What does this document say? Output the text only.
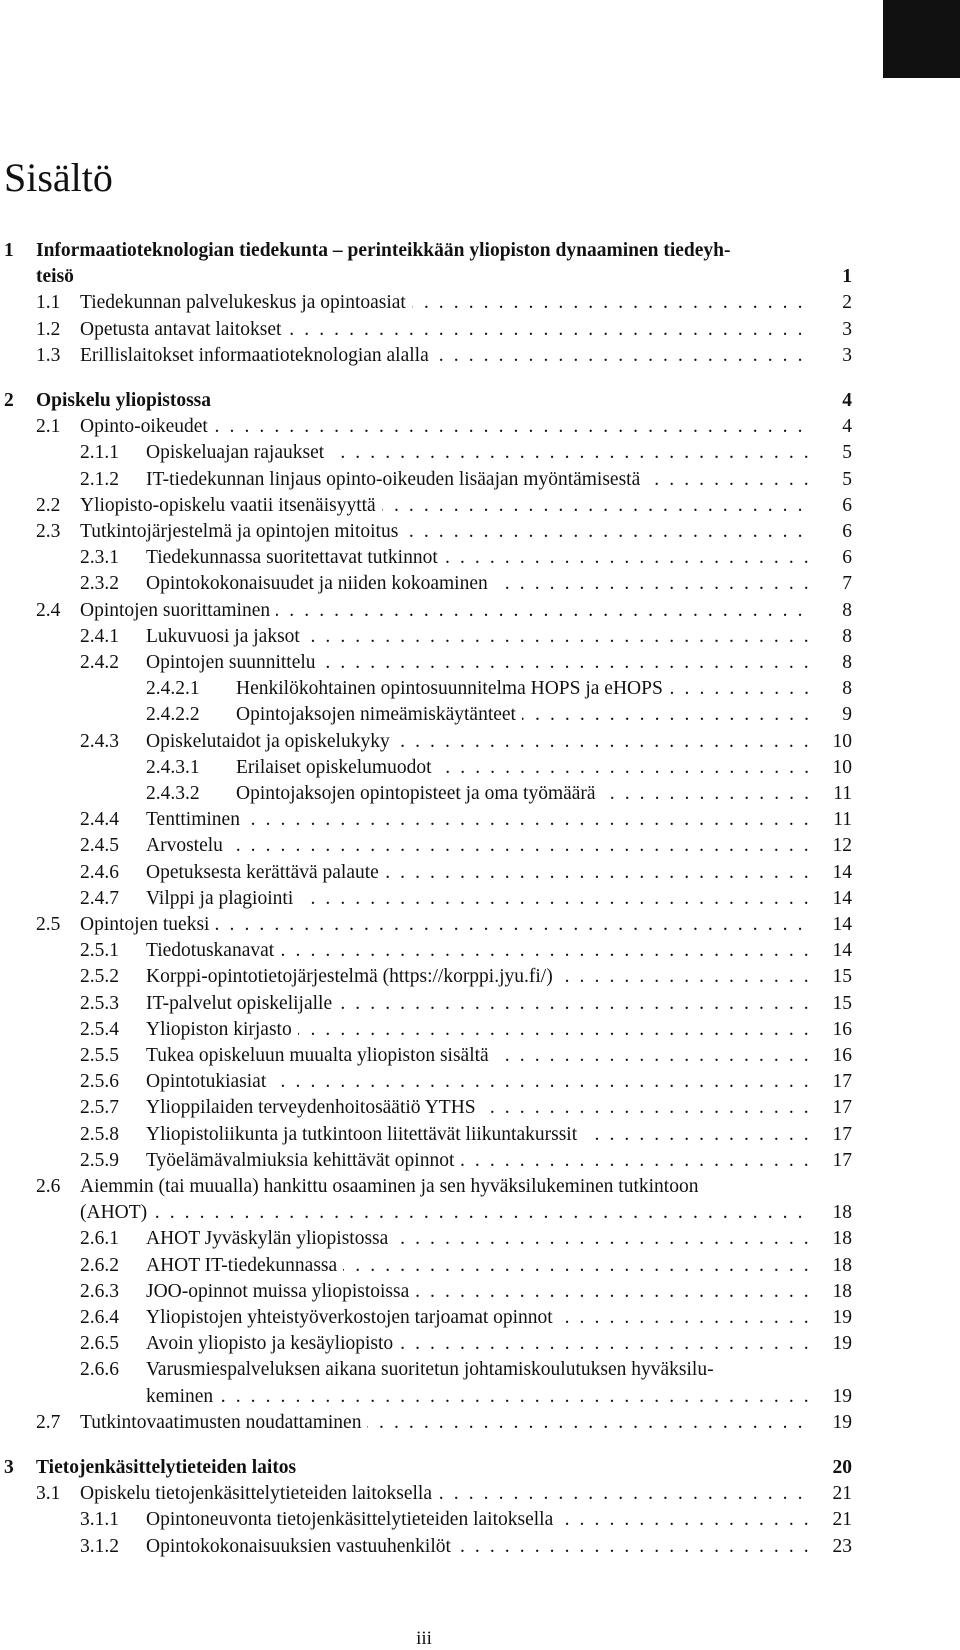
Sisältö
1 Informaatioteknologian tiedekunta – perinteikkään yliopiston dynaaminen tiedeyh-
teisö	1
1.1 Tiedekunnan palvelukeskus ja opintoasiat . . .	2
1.2 Opetusta antavat laitokset . . .	3
1.3 Erillislaitokset informaatioteknologian alalla . . .	3
2 Opiskelu yliopistossa	4
2.1 Opinto-oikeudet . . .	4
2.1.1 Opiskeluajan rajaukset . . .	5
2.1.2 IT-tiedekunnan linjaus opinto-oikeuden lisäajan myöntämisestä . . .	5
2.2 Yliopisto-opiskelu vaatii itsenäisyyttä . . .	6
2.3 Tutkintojärjestelmä ja opintojen mitoitus . . .	6
2.3.1 Tiedekunnassa suoritettavat tutkinnot . . .	6
2.3.2 Opintokokonaisuudet ja niiden kokoaminen . . .	7
2.4 Opintojen suorittaminen . . .	8
2.4.1 Lukuvuosi ja jaksot . . .	8
2.4.2 Opintojen suunnittelu . . .	8
2.4.2.1 Henkilökohtainen opintosuunnitelma HOPS ja eHOPS . . .	8
2.4.2.2 Opintojaksojen nimeämiskäytänteet . . .	9
2.4.3 Opiskelutaidot ja opiskelukyky . . .	10
2.4.3.1 Erilaiset opiskelumuodot . . .	10
2.4.3.2 Opintojaksojen opintopisteet ja oma työmäärä . . .	11
2.4.4 Tenttiminen . . .	11
2.4.5 Arvostelu . . .	12
2.4.6 Opetuksesta kerättävä palaute . . .	14
2.4.7 Vilppi ja plagiointi . . .	14
2.5 Opintojen tueksi . . .	14
2.5.1 Tiedotuskanavat . . .	14
2.5.2 Korppi-opintotietojärjestelmä (https://korppi.jyu.fi/) . . .	15
2.5.3 IT-palvelut opiskelijalle . . .	15
2.5.4 Yliopiston kirjasto . . .	16
2.5.5 Tukea opiskeluun muualta yliopiston sisältä . . .	16
2.5.6 Opintotukiasiat . . .	17
2.5.7 Ylioppilaiden terveydenhoitosäätiö YTHS . . .	17
2.5.8 Yliopistoliikunta ja tutkintoon liitettävät liikuntakurssit . . .	17
2.5.9 Työelämävalmiuksia kehittävät opinnot . . .	17
2.6 Aiemmin (tai muualla) hankittu osaaminen ja sen hyväksilukeminen tutkintoon
(AHOT) . . .	18
2.6.1 AHOT Jyväskylän yliopistossa . . .	18
2.6.2 AHOT IT-tiedekunnassa . . .	18
2.6.3 JOO-opinnot muissa yliopistoissa . . .	18
2.6.4 Yliopistojen yhteistyöverkostojen tarjoamat opinnot . . .	19
2.6.5 Avoin yliopisto ja kesäyliopisto . . .	19
2.6.6 Varusmiespalveluksen aikana suoritetun johtamiskoulutuksen hyväksilu-
keminen . . .	19
2.7 Tutkintovaatimusten noudattaminen . . .	19
3 Tietojenkäsittelytieteiden laitos	20
3.1 Opiskelu tietojenkäsittelytieteiden laitoksella . . .	21
3.1.1 Opintoneuvonta tietojenkäsittelytieteiden laitoksella . . .	21
3.1.2 Opintokokonaisuuksien vastuuhenkilöt . . .	23
iii
